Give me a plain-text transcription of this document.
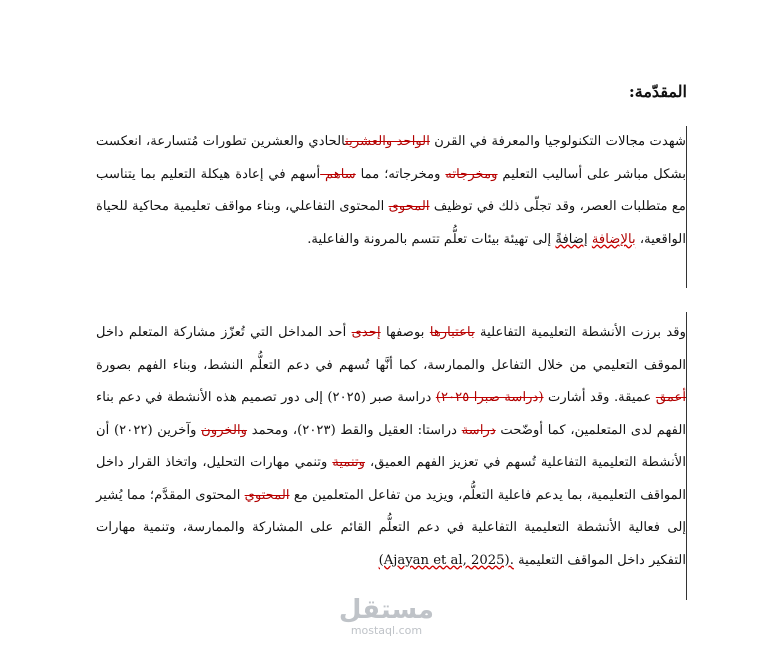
المقدّمة:

شهدت مجالات التكنولوجيا والمعرفة في القرن الواحد والعشرينالحادي والعشرين تطورات مُتسارعة، انعكست بشكل مباشر على أساليب التعليم ومخرجاته ومخرجاته؛ مما ساهم أسهم في إعادة هيكلة التعليم بما يتناسب مع متطلبات العصر، وقد تجلّى ذلك في توظيف المحوى المحتوى التفاعلي، وبناء مواقف تعليمية محاكية للحياة الواقعية، بالإضافة إضافةً إلى تهيئة بيئات تعلُّم تتسم بالمرونة والفاعلية.

وقد برزت الأنشطة التعليمية التفاعلية باعتبارها بوصفها إحدى أحد المداخل التي تُعزّز مشاركة المتعلم داخل الموقف التعليمي من خلال التفاعل والممارسة، كما أنَّها تُسهم في دعم التعلُّم النشط، وبناء الفهم بصورة أعمق عميقة. وقد أشارت (دراسة صبرا ٢٠٢٥) دراسة صبر (٢٠٢٥) إلى دور تصميم هذه الأنشطة في دعم بناء الفهم لدى المتعلمين، كما أوضّحت دراسة دراستا: العقيل والقط (٢٠٢٣)، ومحمد والخرون وآخرين (٢٠٢٢) أن الأنشطة التعليمية التفاعلية تُسهم في تعزيز الفهم العميق، وتنمية وتنمي مهارات التحليل، واتخاذ القرار داخل المواقف التعليمية، بما يدعم فاعلية التعلُّم، ويزيد من تفاعل المتعلمين مع المحتوي المحتوى المقدَّم؛ مما يُشير إلى فعالية الأنشطة التعليمية التفاعلية في دعم التعلُّم القائم على المشاركة والممارسة، وتنمية مهارات التفكير داخل المواقف التعليمية (Ajayan et al, 2025).

مستقل
mostaql.com
